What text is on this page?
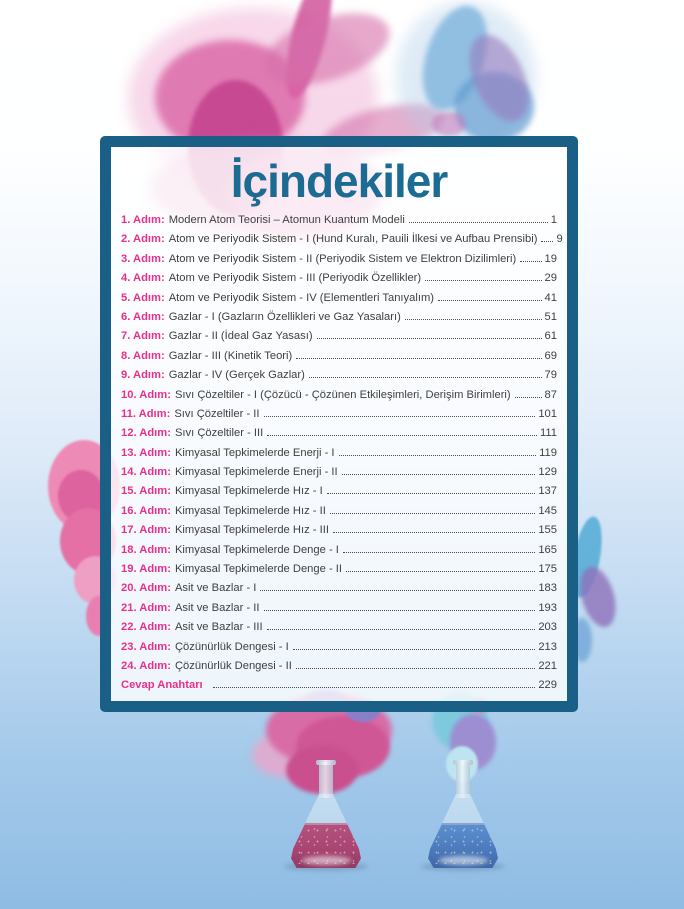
İçindekiler
1. Adım: Modern Atom Teorisi – Atomun Kuantum Modeli	1
2. Adım: Atom ve Periyodik Sistem - I (Hund Kuralı, Pauili İlkesi ve Aufbau Prensibi) 9
3. Adım: Atom ve Periyodik Sistem - II (Periyodik Sistem ve Elektron Dizilimleri)	19
4. Adım: Atom ve Periyodik Sistem - III (Periyodik Özellikler)	29
5. Adım: Atom ve Periyodik Sistem - IV (Elementleri Tanıyalım)	41
6. Adım: Gazlar - I (Gazların Özellikleri ve Gaz Yasaları)	51
7. Adım: Gazlar - II (İdeal Gaz Yasası)	61
8. Adım: Gazlar - III (Kinetik Teori)	69
9. Adım: Gazlar - IV (Gerçek Gazlar)	79
10. Adım: Sıvı Çözeltiler - I (Çözücü - Çözünen Etkileşimleri, Derişim Birimleri)	87
11. Adım: Sıvı Çözeltiler - II	101
12. Adım: Sıvı Çözeltiler - III	111
13. Adım: Kimyasal Tepkimelerde Enerji - I	119
14. Adım: Kimyasal Tepkimelerde Enerji - II	129
15. Adım: Kimyasal Tepkimelerde Hız - I	137
16. Adım: Kimyasal Tepkimelerde Hız - II	145
17. Adım: Kimyasal Tepkimelerde Hız - III	155
18. Adım: Kimyasal Tepkimelerde Denge - I	165
19. Adım: Kimyasal Tepkimelerde Denge - II	175
20. Adım: Asit ve Bazlar - I	183
21. Adım: Asit ve Bazlar - II	193
22. Adım: Asit ve Bazlar - III	203
23. Adım: Çözünürlük Dengesi - I	213
24. Adım: Çözünürlük Dengesi - II	221
Cevap Anahtarı	229
